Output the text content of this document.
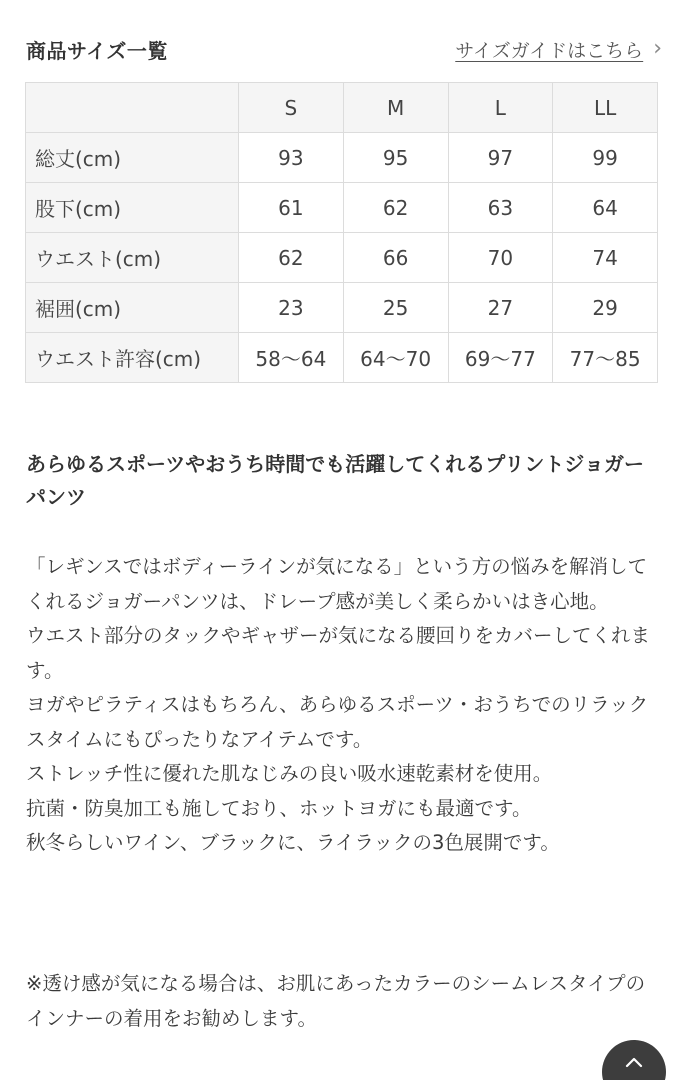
商品サイズ一覧	サイズガイドはこちら ›
	S	M	L	LL
総丈(cm)	93	95	97	99
股下(cm)	61	62	63	64
ウエスト(cm)	62	66	70	74
裾囲(cm)	23	25	27	29
ウエスト許容(cm)	58～64	64～70	69～77	77～85
あらゆるスポーツやおうち時間でも活躍してくれるプリントジョガーパンツ

「レギンスではボディーラインが気になる」という方の悩みを解消してくれるジョガーパンツは、ドレープ感が美しく柔らかいはき心地。
ウエスト部分のタックやギャザーが気になる腰回りをカバーしてくれます。
ヨガやピラティスはもちろん、あらゆるスポーツ・おうちでのリラックスタイムにもぴったりなアイテムです。
ストレッチ性に優れた肌なじみの良い吸水速乾素材を使用。
抗菌・防臭加工も施しており、ホットヨガにも最適です。
秋冬らしいワイン、ブラックに、ライラックの3色展開です。

※透け感が気になる場合は、お肌にあったカラーのシームレスタイプのインナーの着用をお勧めします。
